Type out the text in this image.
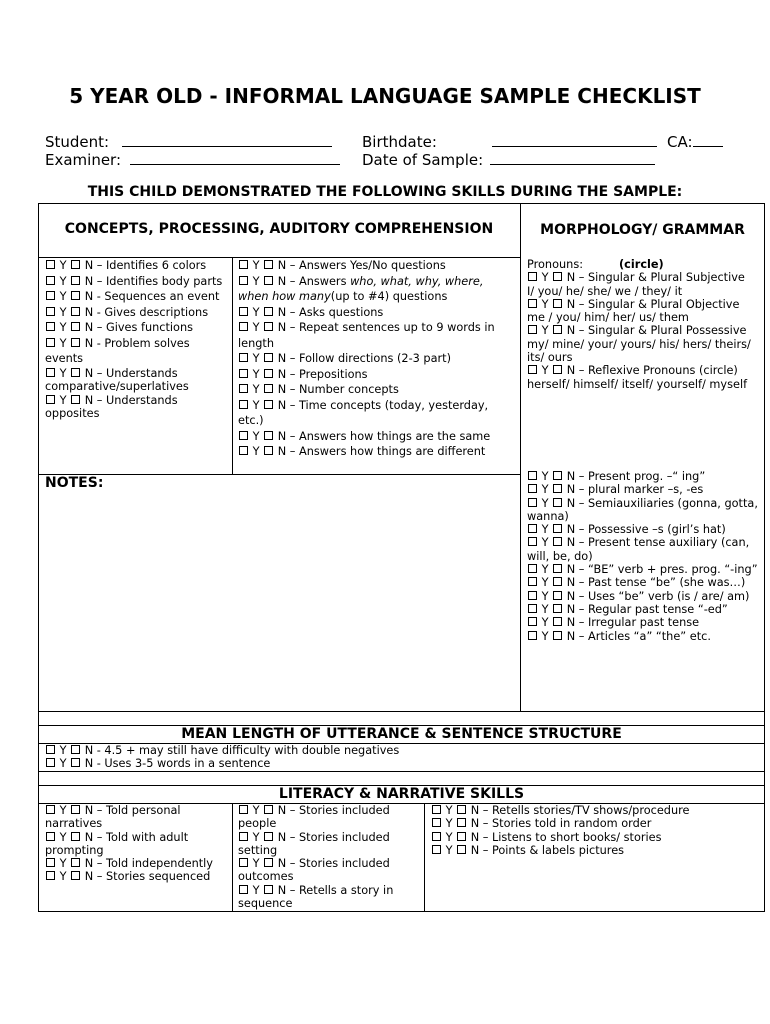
5 YEAR OLD - INFORMAL LANGUAGE SAMPLE CHECKLIST
Student:
Examiner:
Birthdate:	CA:
Date of Sample:
THIS CHILD DEMONSTRATED THE FOLLOWING SKILLS DURING THE SAMPLE:
CONCEPTS, PROCESSING, AUDITORY COMPREHENSION	MORPHOLOGY/ GRAMMAR
NOTES:
MEAN LENGTH OF UTTERANCE & SENTENCE STRUCTURE
LITERACY & NARRATIVE SKILLS
Y N – Identifies 6 colors
Y N – Identifies body parts
Y N - Sequences an event
Y N - Gives descriptions
Y N – Gives functions
Y N - Problem solves events
Y N – Understands comparative/superlatives
Y N – Understands opposites
Y N – Answers Yes/No questions
Y N – Answers who, what, why, where, when how many(up to #4) questions
Y N – Asks questions
Y N – Repeat sentences up to 9 words in length
Y N – Follow directions (2-3 part)
Y N – Prepositions
Y N – Number concepts
Y N – Time concepts (today, yesterday, etc.)
Y N – Answers how things are the same
Y N – Answers how things are different
Pronouns:	(circle)
Y N – Singular & Plural Subjective
I/ you/ he/ she/ we / they/ it
Y N – Singular & Plural Objective
me / you/ him/ her/ us/ them
Y N – Singular & Plural Possessive
my/ mine/ your/ yours/ his/ hers/ theirs/ its/ ours
Y N – Reflexive Pronouns (circle)
herself/ himself/ itself/ yourself/ myself
Y N – Present prog. –“ ing”
Y N – plural marker –s, -es
Y N – Semiauxiliaries (gonna, gotta, wanna)
Y N – Possessive –s (girl’s hat)
Y N – Present tense auxiliary (can, will, be, do)
Y N – “BE” verb + pres. prog. “-ing”
Y N – Past tense “be” (she was…)
Y N – Uses “be” verb (is / are/ am)
Y N – Regular past tense “-ed”
Y N – Irregular past tense
Y N – Articles “a” “the” etc.
Y N - 4.5 + may still have difficulty with double negatives
Y N - Uses 3-5 words in a sentence
Y N – Told personal narratives
Y N – Told with adult prompting
Y N – Told independently
Y N – Stories sequenced
Y N – Stories included people
Y N – Stories included setting
Y N – Stories included outcomes
Y N – Retells a story in sequence
Y N – Retells stories/TV shows/procedure
Y N – Stories told in random order
Y N – Listens to short books/ stories
Y N – Points & labels pictures
